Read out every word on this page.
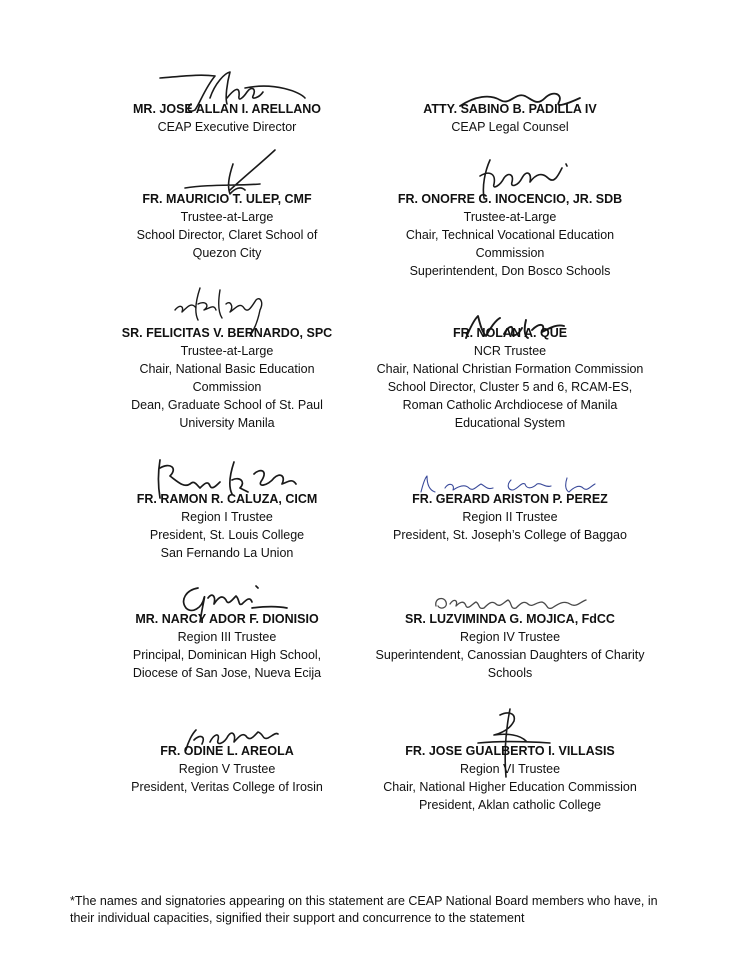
MR. JOSE ALLAN I. ARELLANO
CEAP Executive Director
ATTY. SABINO B. PADILLA IV
CEAP Legal Counsel
FR. MAURICIO T. ULEP, CMF
Trustee-at-Large
School Director, Claret School of
Quezon City
FR. ONOFRE G. INOCENCIO, JR. SDB
Trustee-at-Large
Chair, Technical Vocational Education
Commission
Superintendent, Don Bosco Schools
SR. FELICITAS V. BERNARDO, SPC
Trustee-at-Large
Chair, National Basic Education
Commission
Dean, Graduate School of St. Paul
University Manila
FR. NOLAN A. QUE
NCR Trustee
Chair, National Christian Formation Commission
School Director, Cluster 5 and 6, RCAM-ES,
Roman Catholic Archdiocese of Manila
Educational System
FR. RAMON R. CALUZA, CICM
Region I Trustee
President, St. Louis College
San Fernando La Union
FR. GERARD ARISTON P. PEREZ
Region II Trustee
President, St. Joseph’s College of Baggao
MR. NARCY ADOR F. DIONISIO
Region III Trustee
Principal, Dominican High School,
Diocese of San Jose, Nueva Ecija
SR. LUZVIMINDA G. MOJICA, FdCC
Region IV Trustee
Superintendent, Canossian Daughters of Charity
Schools
FR. ODINE L. AREOLA
Region V Trustee
President, Veritas College of Irosin
FR. JOSE GUALBERTO I. VILLASIS
Region VI Trustee
Chair, National Higher Education Commission
President, Aklan catholic College
*The names and signatories appearing on this statement are CEAP National Board members who have, in their individual capacities, signified their support and concurrence to the statement
